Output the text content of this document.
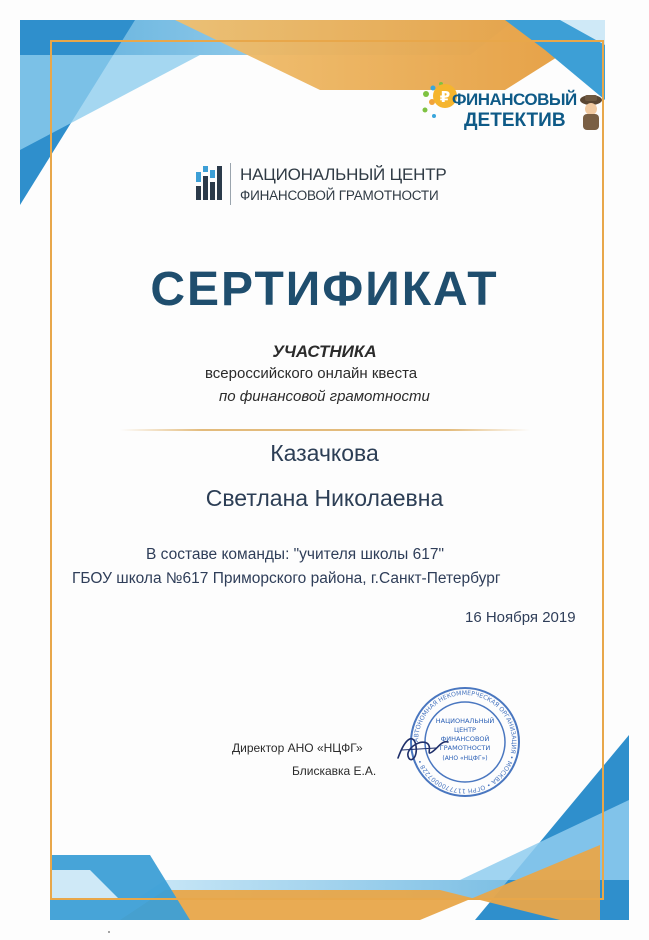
₽ ФИНАНСОВЫЙ
ДЕТЕКТИВ
НАЦИОНАЛЬНЫЙ ЦЕНТР
ФИНАНСОВОЙ ГРАМОТНОСТИ
СЕРТИФИКАТ
УЧАСТНИКА
всероссийского онлайн квеста
по финансовой грамотности
Казачкова
Светлана Николаевна
В составе команды: "учителя школы 617"
ГБОУ школа №617 Приморского района, г.Санкт-Петербург
16 Ноября 2019
АВТОНОМНАЯ НЕКОММЕРЧЕСКАЯ ОРГАНИЗАЦИЯ • МОСКВА • ОГРН 1177700007228 •
НАЦИОНАЛЬНЫЙ
ЦЕНТР
ФИНАНСОВОЙ
ГРАМОТНОСТИ
(АНО «НЦФГ»)
Директор АНО «НЦФГ»
Блискавка Е.А.
